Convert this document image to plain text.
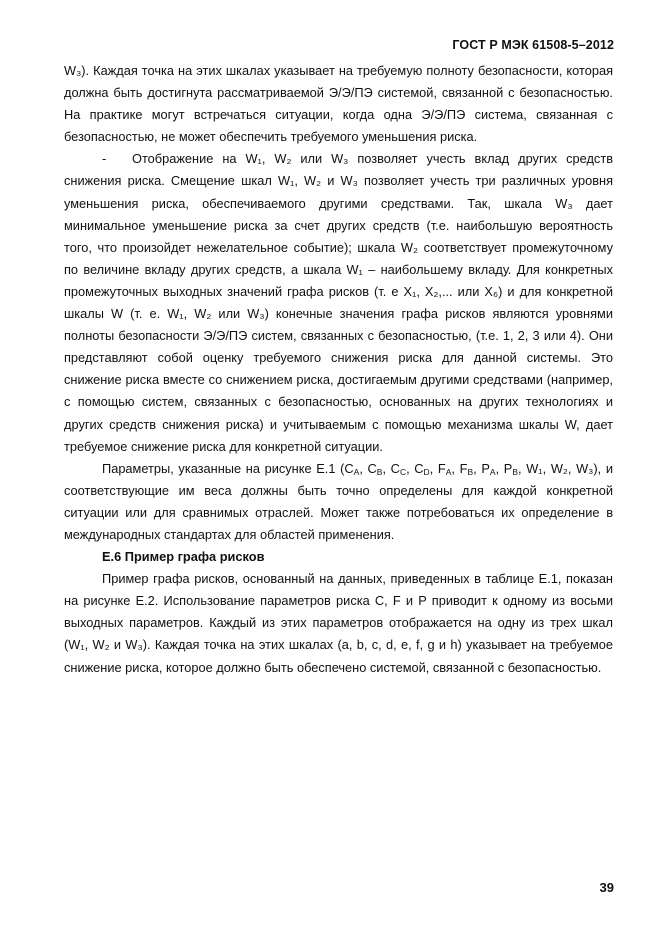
ГОСТ Р МЭК 61508-5–2012

W₃). Каждая точка на этих шкалах указывает на требуемую полноту безопасности, которая должна быть достигнута рассматриваемой Э/Э/ПЭ системой, связанной с безопасностью. На практике могут встречаться ситуации, когда одна Э/Э/ПЭ система, связанная с безопасностью, не может обеспечить требуемого уменьшения риска.

- Отображение на W₁, W₂ или W₃ позволяет учесть вклад других средств снижения риска. Смещение шкал W₁, W₂ и W₃ позволяет учесть три различных уровня уменьшения риска, обеспечиваемого другими средствами. Так, шкала W₃ дает минимальное уменьшение риска за счет других средств (т.е. наибольшую вероятность того, что произойдет нежелательное событие); шкала W₂ соответствует промежуточному по величине вкладу других средств, а шкала W₁ – наибольшему вкладу. Для конкретных промежуточных выходных значений графа рисков (т. е X₁, X₂,... или X₆) и для конкретной шкалы W (т. е. W₁, W₂ или W₃) конечные значения графа рисков являются уровнями полноты безопасности Э/Э/ПЭ систем, связанных с безопасностью, (т.е. 1, 2, 3 или 4). Они представляют собой оценку требуемого снижения риска для данной системы. Это снижение риска вместе со снижением риска, достигаемым другими средствами (например, с помощью систем, связанных с безопасностью, основанных на других технологиях и других средств снижения риска) и учитываемым с помощью механизма шкалы W, дает требуемое снижение риска для конкретной ситуации.

Параметры, указанные на рисунке Е.1 ($C_A$, $C_B$, $C_C$, $C_D$, $F_A$, $F_B$, $P_A$, $P_B$, W₁, W₂, W₃), и соответствующие им веса должны быть точно определены для каждой конкретной ситуации или для сравнимых отраслей. Может также потребоваться их определение в международных стандартах для областей применения.

Е.6 Пример графа рисков

Пример графа рисков, основанный на данных, приведенных в таблице Е.1, показан на рисунке Е.2. Использование параметров риска C, F и P приводит к одному из восьми выходных параметров. Каждый из этих параметров отображается на одну из трех шкал (W₁, W₂ и W₃). Каждая точка на этих шкалах (a, b, c, d, e, f, g и h) указывает на требуемое снижение риска, которое должно быть обеспечено системой, связанной с безопасностью.

39
